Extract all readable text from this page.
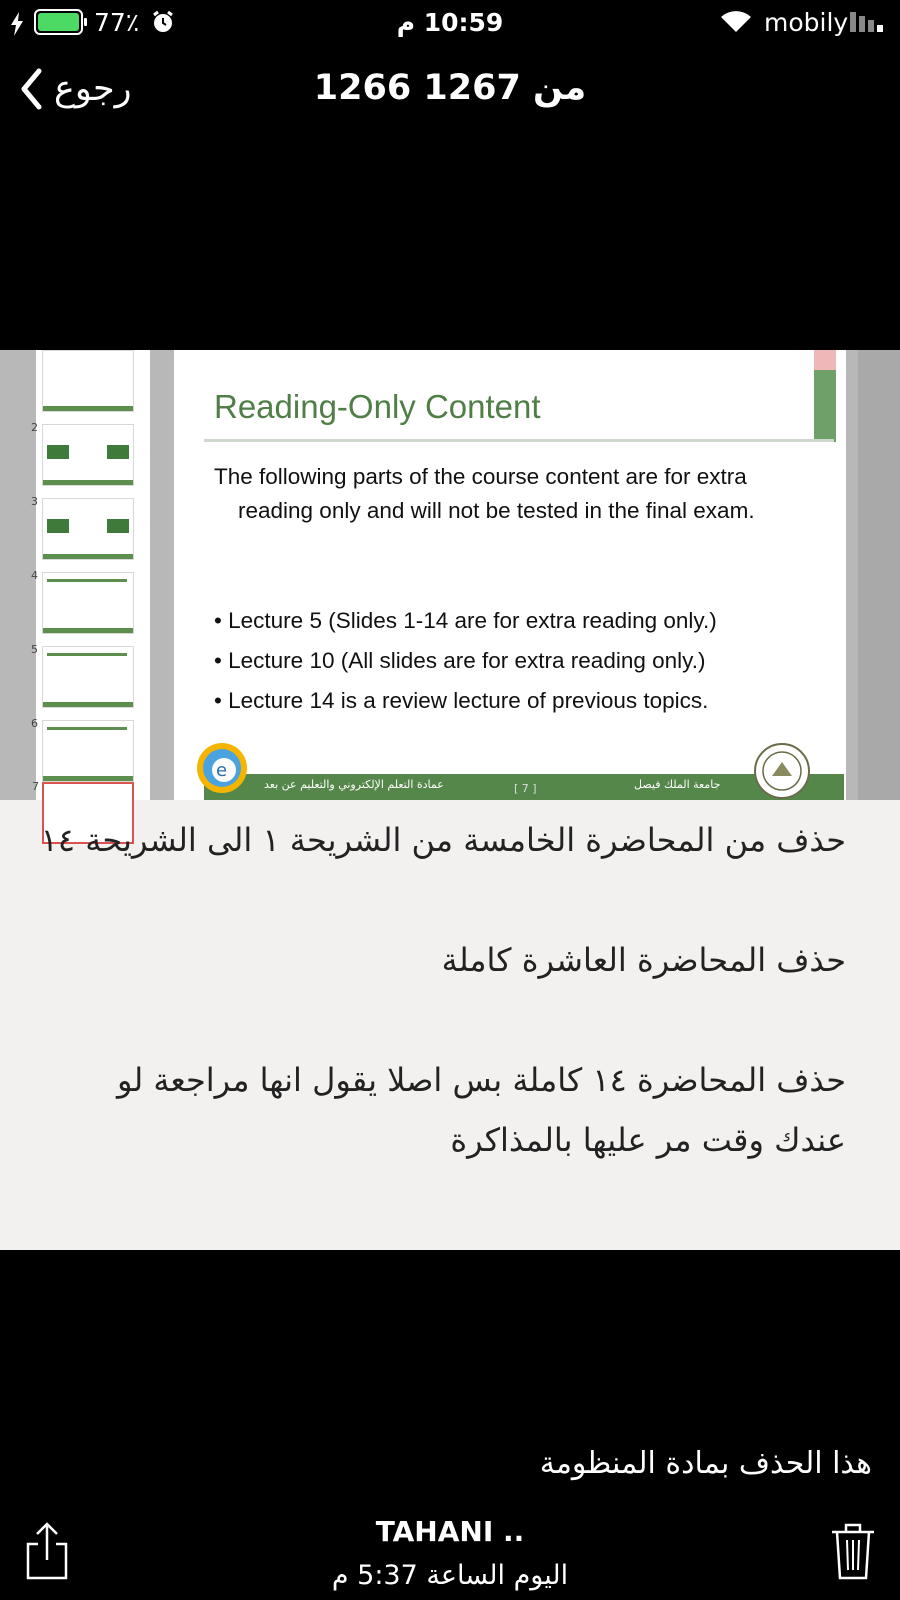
77٪	10:59 م	mobily
1266 من 1267
رجوع
2
3
4
5
6
7
Reading-Only Content
The following parts of the course content are for extra reading only and will not be tested in the final exam.
• Lecture 5 (Slides 1-14 are for extra reading only.)
• Lecture 10 (All slides are for extra reading only.)
• Lecture 14 is a review lecture of previous topics.
e
عمادة التعلم الإلكتروني والتعليم عن بعد	[ 7 ]	جامعة الملك فيصل

حذف من المحاضرة الخامسة من الشريحة ١ الى الشريحة ١٤

حذف المحاضرة العاشرة كاملة

حذف المحاضرة ١٤ كاملة بس اصلا يقول انها مراجعة لو عندك وقت مر عليها بالمذاكرة

هذا الحذف بمادة المنظومة
TAHANI ..
اليوم الساعة 5:37 م
